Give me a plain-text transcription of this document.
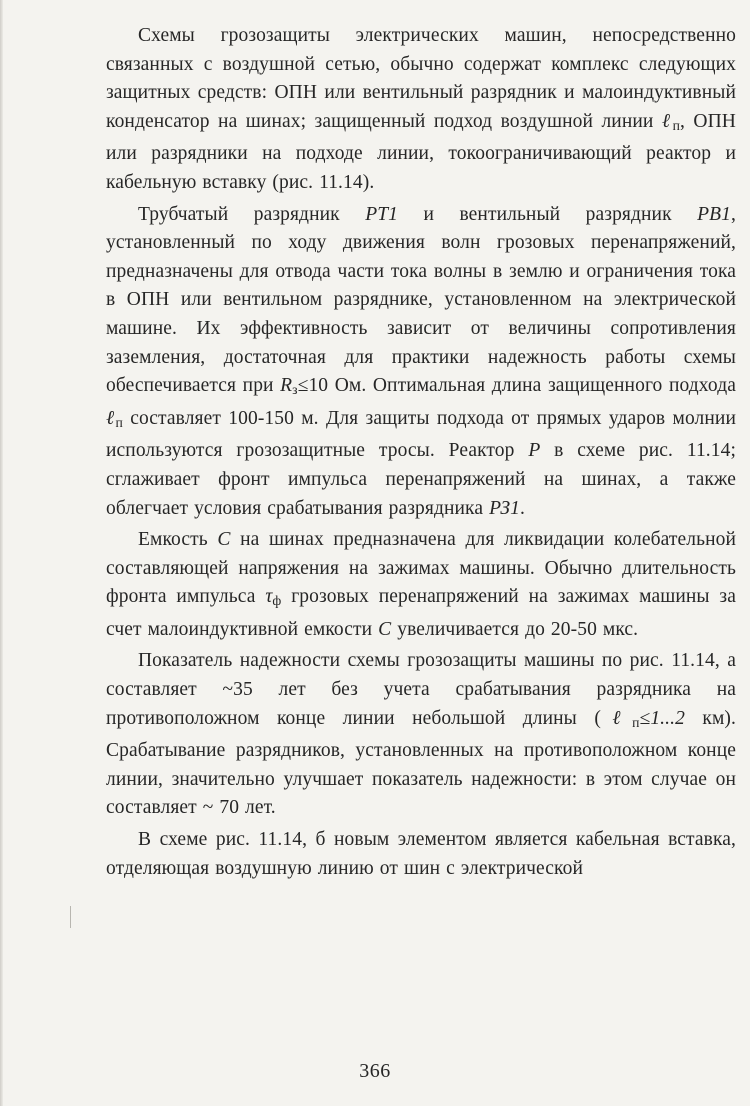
Схемы грозозащиты электрических машин, непосредственно связанных с воздушной сетью, обычно содержат комплекс следующих защитных средств: ОПН или вентильный разрядник и малоиндуктивный конденсатор на шинах; защищенный подход воздушной линии ℓ$_п$, ОПН или разрядники на подходе линии, токоограничивающий реактор и кабельную вставку (рис. 11.14).

Трубчатый разрядник РТ1 и вентильный разрядник РВ1, установленный по ходу движения волн грозовых перенапряжений, предназначены для отвода части тока волны в землю и ограничения тока в ОПН или вентильном разряднике, установленном на электрической машине. Их эффективность зависит от величины сопротивления заземления, достаточная для практики надежность работы схемы обеспечивается при $R_з\le 10$ Ом. Оптимальная длина защищенного подхода ℓ$_п$ составляет 100-150 м. Для защиты подхода от прямых ударов молнии используются грозозащитные тросы. Реактор Р в схеме рис. 11.14; сглаживает фронт импульса перенапряжений на шинах, а также облегчает условия срабатывания разрядника РЗ1.

Емкость С на шинах предназначена для ликвидации колебательной составляющей напряжения на зажимах машины. Обычно длительность фронта импульса $\tau_ф$ грозовых перенапряжений на зажимах машины за счет малоиндуктивной емкости С увеличивается до 20-50 мкс.

Показатель надежности схемы грозозащиты машины по рис. 11.14, а составляет ~35 лет без учета срабатывания разрядника на противоположном конце линии небольшой длины (ℓ$_п$≤1...2 км). Срабатывание разрядников, установленных на противоположном конце линии, значительно улучшает показатель надежности: в этом случае он составляет ~ 70 лет.

В схеме рис. 11.14, б новым элементом является кабельная вставка, отделяющая воздушную линию от шин с электрической

366
